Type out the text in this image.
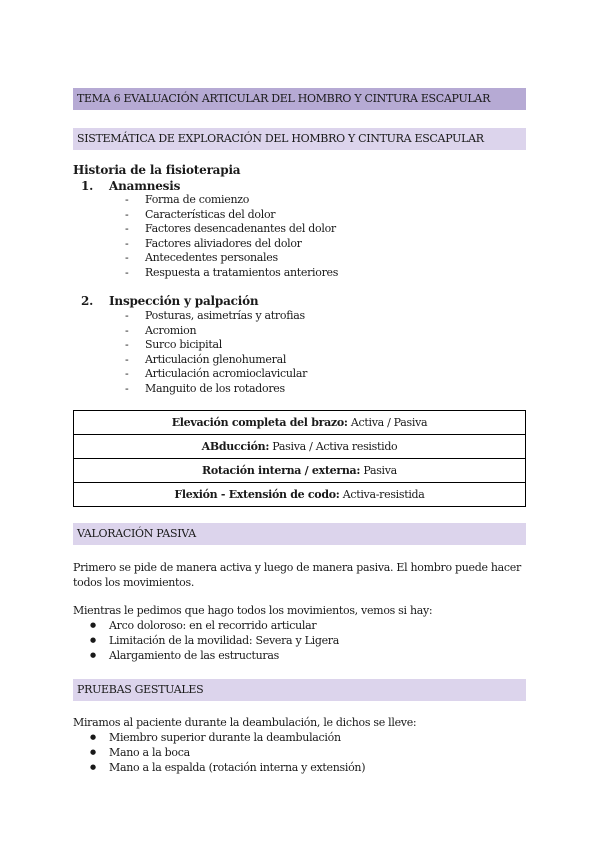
TEMA 6 EVALUACIÓN ARTICULAR DEL HOMBRO Y CINTURA ESCAPULAR
SISTEMÁTICA DE EXPLORACIÓN DEL HOMBRO Y CINTURA ESCAPULAR
Historia de la fisioterapia
1. Anamnesis
- Forma de comienzo
- Características del dolor
- Factores desencadenantes del dolor
- Factores aliviadores del dolor
- Antecedentes personales
- Respuesta a tratamientos anteriores
2. Inspección y palpación
- Posturas, asimetrías y atrofias
- Acromion
- Surco bicipital
- Articulación glenohumeral
- Articulación acromioclavicular
- Manguito de los rotadores
Elevación completa del brazo: Activa / Pasiva
ABducción: Pasiva / Activa resistido
Rotación interna / externa: Pasiva
Flexión - Extensión de codo: Activa-resistida
VALORACIÓN PASIVA

Primero se pide de manera activa y luego de manera pasiva. El hombro puede hacer todos los movimientos.

Mientras le pedimos que hago todos los movimientos, vemos si hay:

● Arco doloroso: en el recorrido articular
● Limitación de la movilidad: Severa y Ligera
● Alargamiento de las estructuras
PRUEBAS GESTUALES

Miramos al paciente durante la deambulación, le dichos se lleve:

● Miembro superior durante la deambulación
● Mano a la boca
● Mano a la espalda (rotación interna y extensión)
